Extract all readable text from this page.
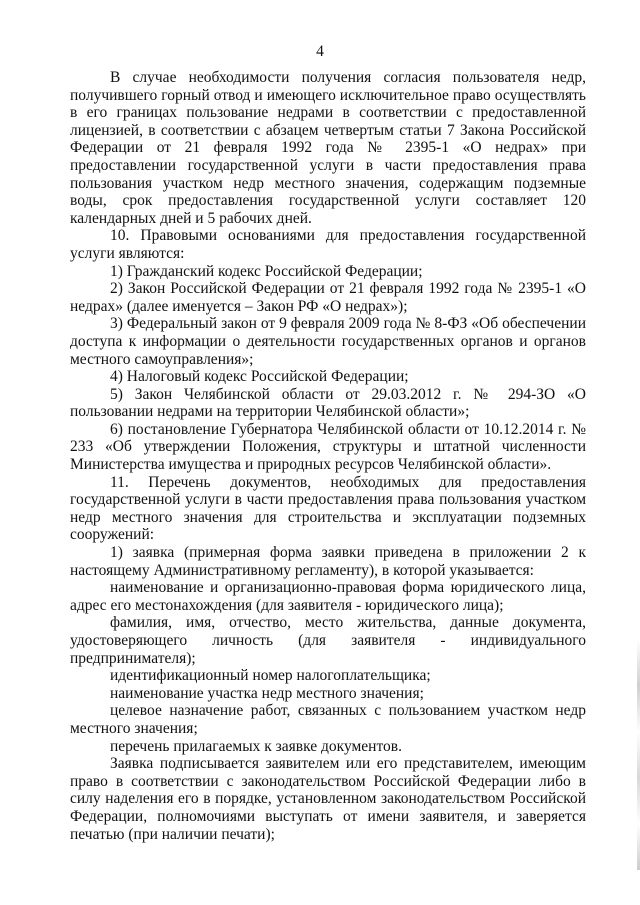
4

В случае необходимости получения согласия пользователя недр, получившего горный отвод и имеющего исключительное право осуществлять в его границах пользование недрами в соответствии с предоставленной лицензией, в соответствии с абзацем четвертым статьи 7 Закона Российской Федерации от 21 февраля 1992 года № 2395-1 «О недрах» при предоставлении государственной услуги в части предоставления права пользования участком недр местного значения, содержащим подземные воды, срок предоставления государственной услуги составляет 120 календарных дней и 5 рабочих дней.

10. Правовыми основаниями для предоставления государственной услуги являются:

1) Гражданский кодекс Российской Федерации;

2) Закон Российской Федерации от 21 февраля 1992 года № 2395-1 «О недрах» (далее именуется – Закон РФ «О недрах»);

3) Федеральный закон от 9 февраля 2009 года № 8-ФЗ «Об обеспечении доступа к информации о деятельности государственных органов и органов местного самоуправления»;

4) Налоговый кодекс Российской Федерации;

5) Закон Челябинской области от 29.03.2012 г. № 294-ЗО «О пользовании недрами на территории Челябинской области»;

6) постановление Губернатора Челябинской области от 10.12.2014 г. № 233 «Об утверждении Положения, структуры и штатной численности Министерства имущества и природных ресурсов Челябинской области».

11. Перечень документов, необходимых для предоставления государственной услуги в части предоставления права пользования участком недр местного значения для строительства и эксплуатации подземных сооружений:

1) заявка (примерная форма заявки приведена в приложении 2 к настоящему Административному регламенту), в которой указывается:

наименование и организационно-правовая форма юридического лица, адрес его местонахождения (для заявителя - юридического лица);

фамилия, имя, отчество, место жительства, данные документа, удостоверяющего личность (для заявителя - индивидуального предпринимателя);

идентификационный номер налогоплательщика;

наименование участка недр местного значения;

целевое назначение работ, связанных с пользованием участком недр местного значения;

перечень прилагаемых к заявке документов.

Заявка подписывается заявителем или его представителем, имеющим право в соответствии с законодательством Российской Федерации либо в силу наделения его в порядке, установленном законодательством Российской Федерации, полномочиями выступать от имени заявителя, и заверяется печатью (при наличии печати);
